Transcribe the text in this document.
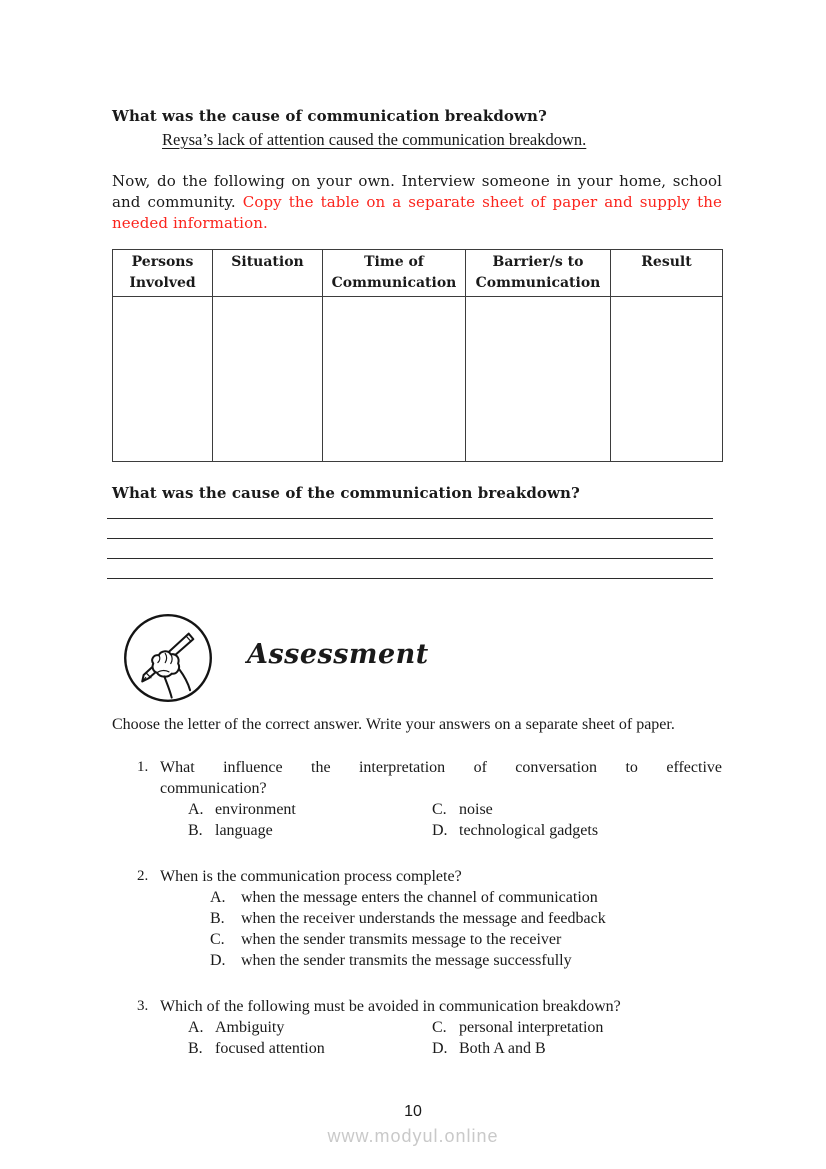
What was the cause of communication breakdown?
Reysa’s lack of attention caused the communication breakdown.
Now, do the following on your own. Interview someone in your home, school and community. Copy the table on a separate sheet of paper and supply the needed information.
Persons Involved	Situation	Time of Communication	Barrier/s to Communication	Result

What was the cause of the communication breakdown?
Assessment
Choose the letter of the correct answer. Write your answers on a separate sheet of paper.
1. What influence the interpretation of conversation to effective
communication?
A. environment	C. noise
B. language	D. technological gadgets
2. When is the communication process complete?
A. when the message enters the channel of communication
B. when the receiver understands the message and feedback
C. when the sender transmits message to the receiver
D. when the sender transmits the message successfully
3. Which of the following must be avoided in communication breakdown?
A. Ambiguity	C. personal interpretation
B. focused attention	D. Both A and B
10
www.modyul.online
